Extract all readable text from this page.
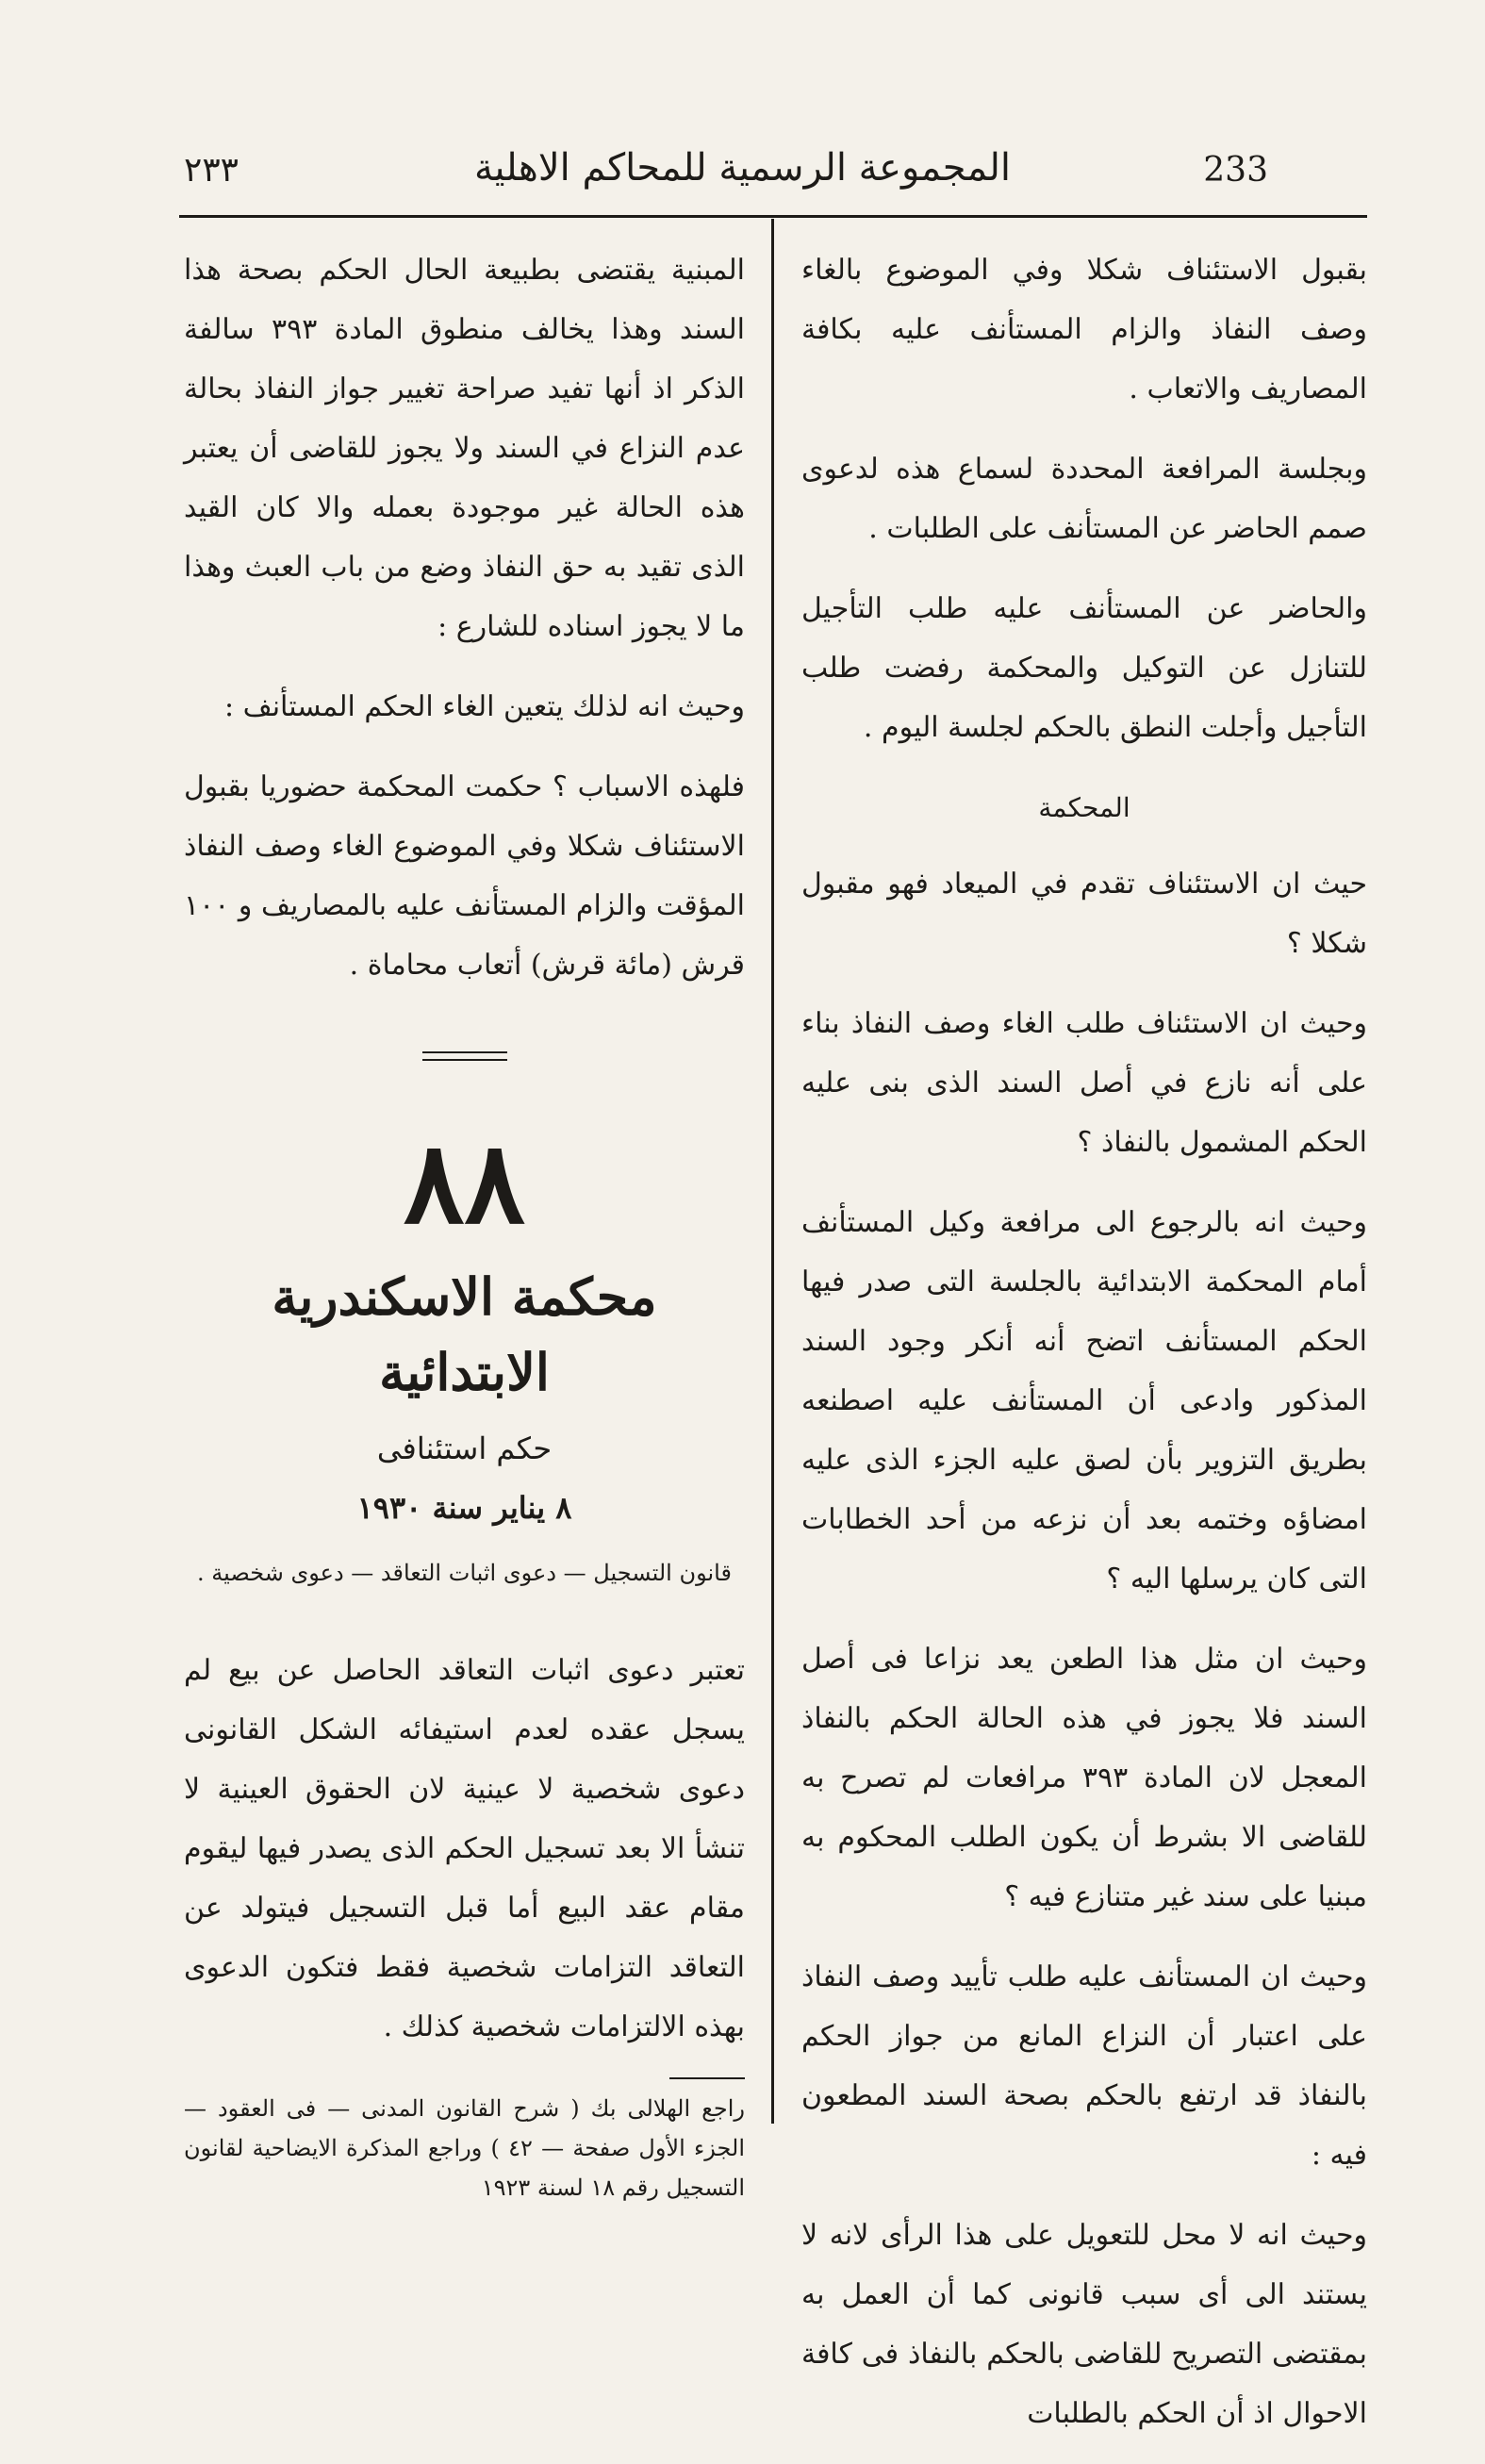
٢٣٣	المجموعة الرسمية للمحاكم الاهلية	233

بقبول الاستئناف شكلا وفي الموضوع بالغاء وصف النفاذ والزام المستأنف عليه بكافة المصاريف والاتعاب .

وبجلسة المرافعة المحددة لسماع هذه لدعوى صمم الحاضر عن المستأنف على الطلبات .

والحاضر عن المستأنف عليه طلب التأجيل للتنازل عن التوكيل والمحكمة رفضت طلب التأجيل وأجلت النطق بالحكم لجلسة اليوم .

المحكمة

حيث ان الاستئناف تقدم في الميعاد فهو مقبول شكلا ؟

وحيث ان الاستئناف طلب الغاء وصف النفاذ بناء على أنه نازع في أصل السند الذى بنى عليه الحكم المشمول بالنفاذ ؟

وحيث انه بالرجوع الى مرافعة وكيل المستأنف أمام المحكمة الابتدائية بالجلسة التى صدر فيها الحكم المستأنف اتضح أنه أنكر وجود السند المذكور وادعى أن المستأنف عليه اصطنعه بطريق التزوير بأن لصق عليه الجزء الذى عليه امضاؤه وختمه بعد أن نزعه من أحد الخطابات التى كان يرسلها اليه ؟

وحيث ان مثل هذا الطعن يعد نزاعا فى أصل السند فلا يجوز في هذه الحالة الحكم بالنفاذ المعجل لان المادة ٣٩٣ مرافعات لم تصرح به للقاضى الا بشرط أن يكون الطلب المحكوم به مبنيا على سند غير متنازع فيه ؟

وحيث ان المستأنف عليه طلب تأييد وصف النفاذ على اعتبار أن النزاع المانع من جواز الحكم بالنفاذ قد ارتفع بالحكم بصحة السند المطعون فيه :

وحيث انه لا محل للتعويل على هذا الرأى لانه لا يستند الى أى سبب قانونى كما أن العمل به بمقتضى التصريح للقاضى بالحكم بالنفاذ فى كافة الاحوال اذ أن الحكم بالطلبات

المبنية يقتضى بطبيعة الحال الحكم بصحة هذا السند وهذا يخالف منطوق المادة ٣٩٣ سالفة الذكر اذ أنها تفيد صراحة تغيير جواز النفاذ بحالة عدم النزاع في السند ولا يجوز للقاضى أن يعتبر هذه الحالة غير موجودة بعمله والا كان القيد الذى تقيد به حق النفاذ وضع من باب العبث وهذا ما لا يجوز اسناده للشارع :

وحيث انه لذلك يتعين الغاء الحكم المستأنف :

فلهذه الاسباب ؟ حكمت المحكمة حضوريا بقبول الاستئناف شكلا وفي الموضوع الغاء وصف النفاذ المؤقت والزام المستأنف عليه بالمصاريف و ١٠٠ قرش (مائة قرش) أتعاب محاماة .

٨٨
محكمة الاسكندرية الابتدائية
حكم استئنافى
٨ يناير سنة ١٩٣٠
قانون التسجيل — دعوى اثبات التعاقد — دعوى شخصية .

تعتبر دعوى اثبات التعاقد الحاصل عن بيع لم يسجل عقده لعدم استيفائه الشكل القانونى دعوى شخصية لا عينية لان الحقوق العينية لا تنشأ الا بعد تسجيل الحكم الذى يصدر فيها ليقوم مقام عقد البيع أما قبل التسجيل فيتولد عن التعاقد التزامات شخصية فقط فتكون الدعوى بهذه الالتزامات شخصية كذلك .

راجع الهلالى بك ( شرح القانون المدنى — فى العقود — الجزء الأول صفحة — ٤٢ ) وراجع المذكرة الايضاحية لقانون التسجيل رقم ١٨ لسنة ١٩٢٣
